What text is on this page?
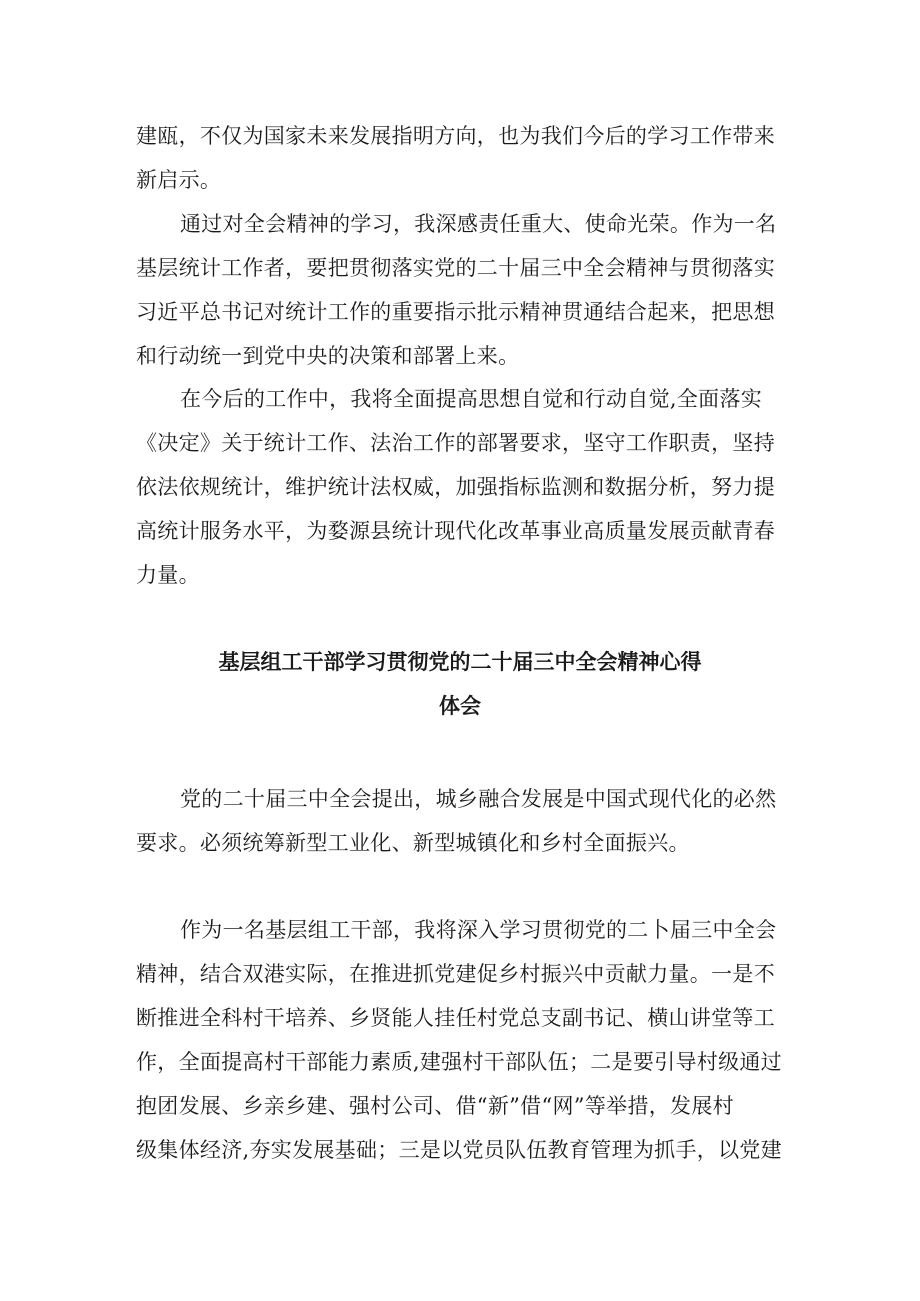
建瓯，不仅为国家未来发展指明方向，也为我们今后的学习工作带来
新启示。
通过对全会精神的学习，我深感责任重大、使命光荣。作为一名
基层统计工作者，要把贯彻落实党的二十届三中全会精神与贯彻落实
习近平总书记对统计工作的重要指示批示精神贯通结合起来，把思想
和行动统一到党中央的决策和部署上来。
在今后的工作中，我将全面提高思想自觉和行动自觉,全面落实
《决定》关于统计工作、法治工作的部署要求，坚守工作职责，坚持
依法依规统计，维护统计法权威，加强指标监测和数据分析，努力提
高统计服务水平，为婺源县统计现代化改革事业高质量发展贡献青春
力量。
基层组工干部学习贯彻党的二十届三中全会精神心得
体会
党的二十届三中全会提出，城乡融合发展是中国式现代化的必然
要求。必须统筹新型工业化、新型城镇化和乡村全面振兴。
作为一名基层组工干部，我将深入学习贯彻党的二卜届三中全会
精神，结合双港实际，在推进抓党建促乡村振兴中贡献力量。一是不
断推进全科村干培养、乡贤能人挂任村党总支副书记、横山讲堂等工
作，全面提高村干部能力素质,建强村干部队伍；二是要引导村级通过
抱团发展、乡亲乡建、强村公司、借“新”借“网”等举措，发展村
级集体经济,夯实发展基础；三是以党员队伍教育管理为抓手，以党建
